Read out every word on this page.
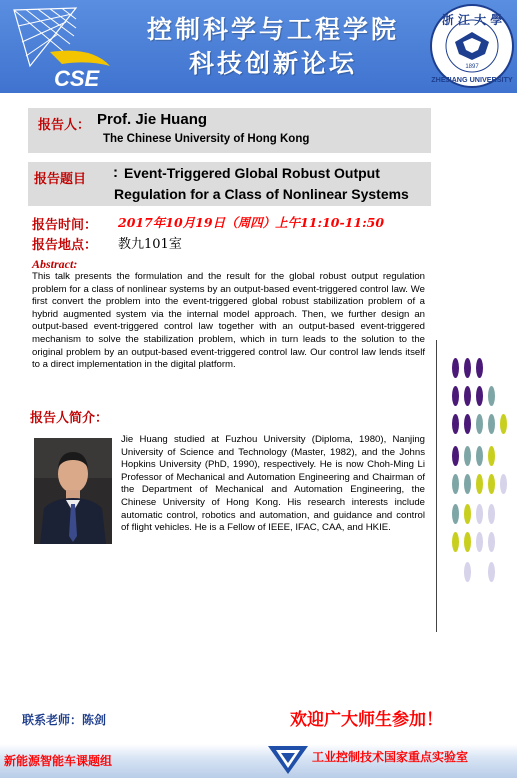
CSE
控制科学与工程学院
科技创新论坛
浙 江 大 學
1897
ZHEJIANG UNIVERSITY
报告人： Prof. Jie Huang
The Chinese University of Hong Kong
报告题目 : Event-Triggered Global Robust Output
Regulation for a Class of Nonlinear Systems
报告时间： 2017年10月19日（周四）上午11:10-11:50
报告地点： 教九101室
Abstract:
This talk presents the formulation and the result for the global robust output regulation problem for a class of nonlinear systems by an output-based event-triggered control law. We first convert the problem into the event-triggered global robust stabilization problem of a hybrid augmented system via the internal model approach. Then, we further design an output-based event-triggered control law together with an output-based event-triggered mechanism to solve the stabilization problem, which in turn leads to the solution to the original problem by an output-based event-triggered control law. Our control law lends itself to a direct implementation in the digital platform.
报告人简介：
Jie Huang studied at Fuzhou University (Diploma, 1980), Nanjing University of Science and Technology (Master, 1982), and the Johns Hopkins University (PhD, 1990), respectively. He is now Choh-Ming Li Professor of Mechanical and Automation Engineering and Chairman of the Department of Mechanical and Automation Engineering, the Chinese University of Hong Kong. His research interests include automatic control, robotics and automation, and guidance and control of flight vehicles. He is a Fellow of IEEE, IFAC, CAA, and HKIE.
联系老师：陈剑	欢迎广大师生参加！
新能源智能车课题组	工业控制技术国家重点实验室
